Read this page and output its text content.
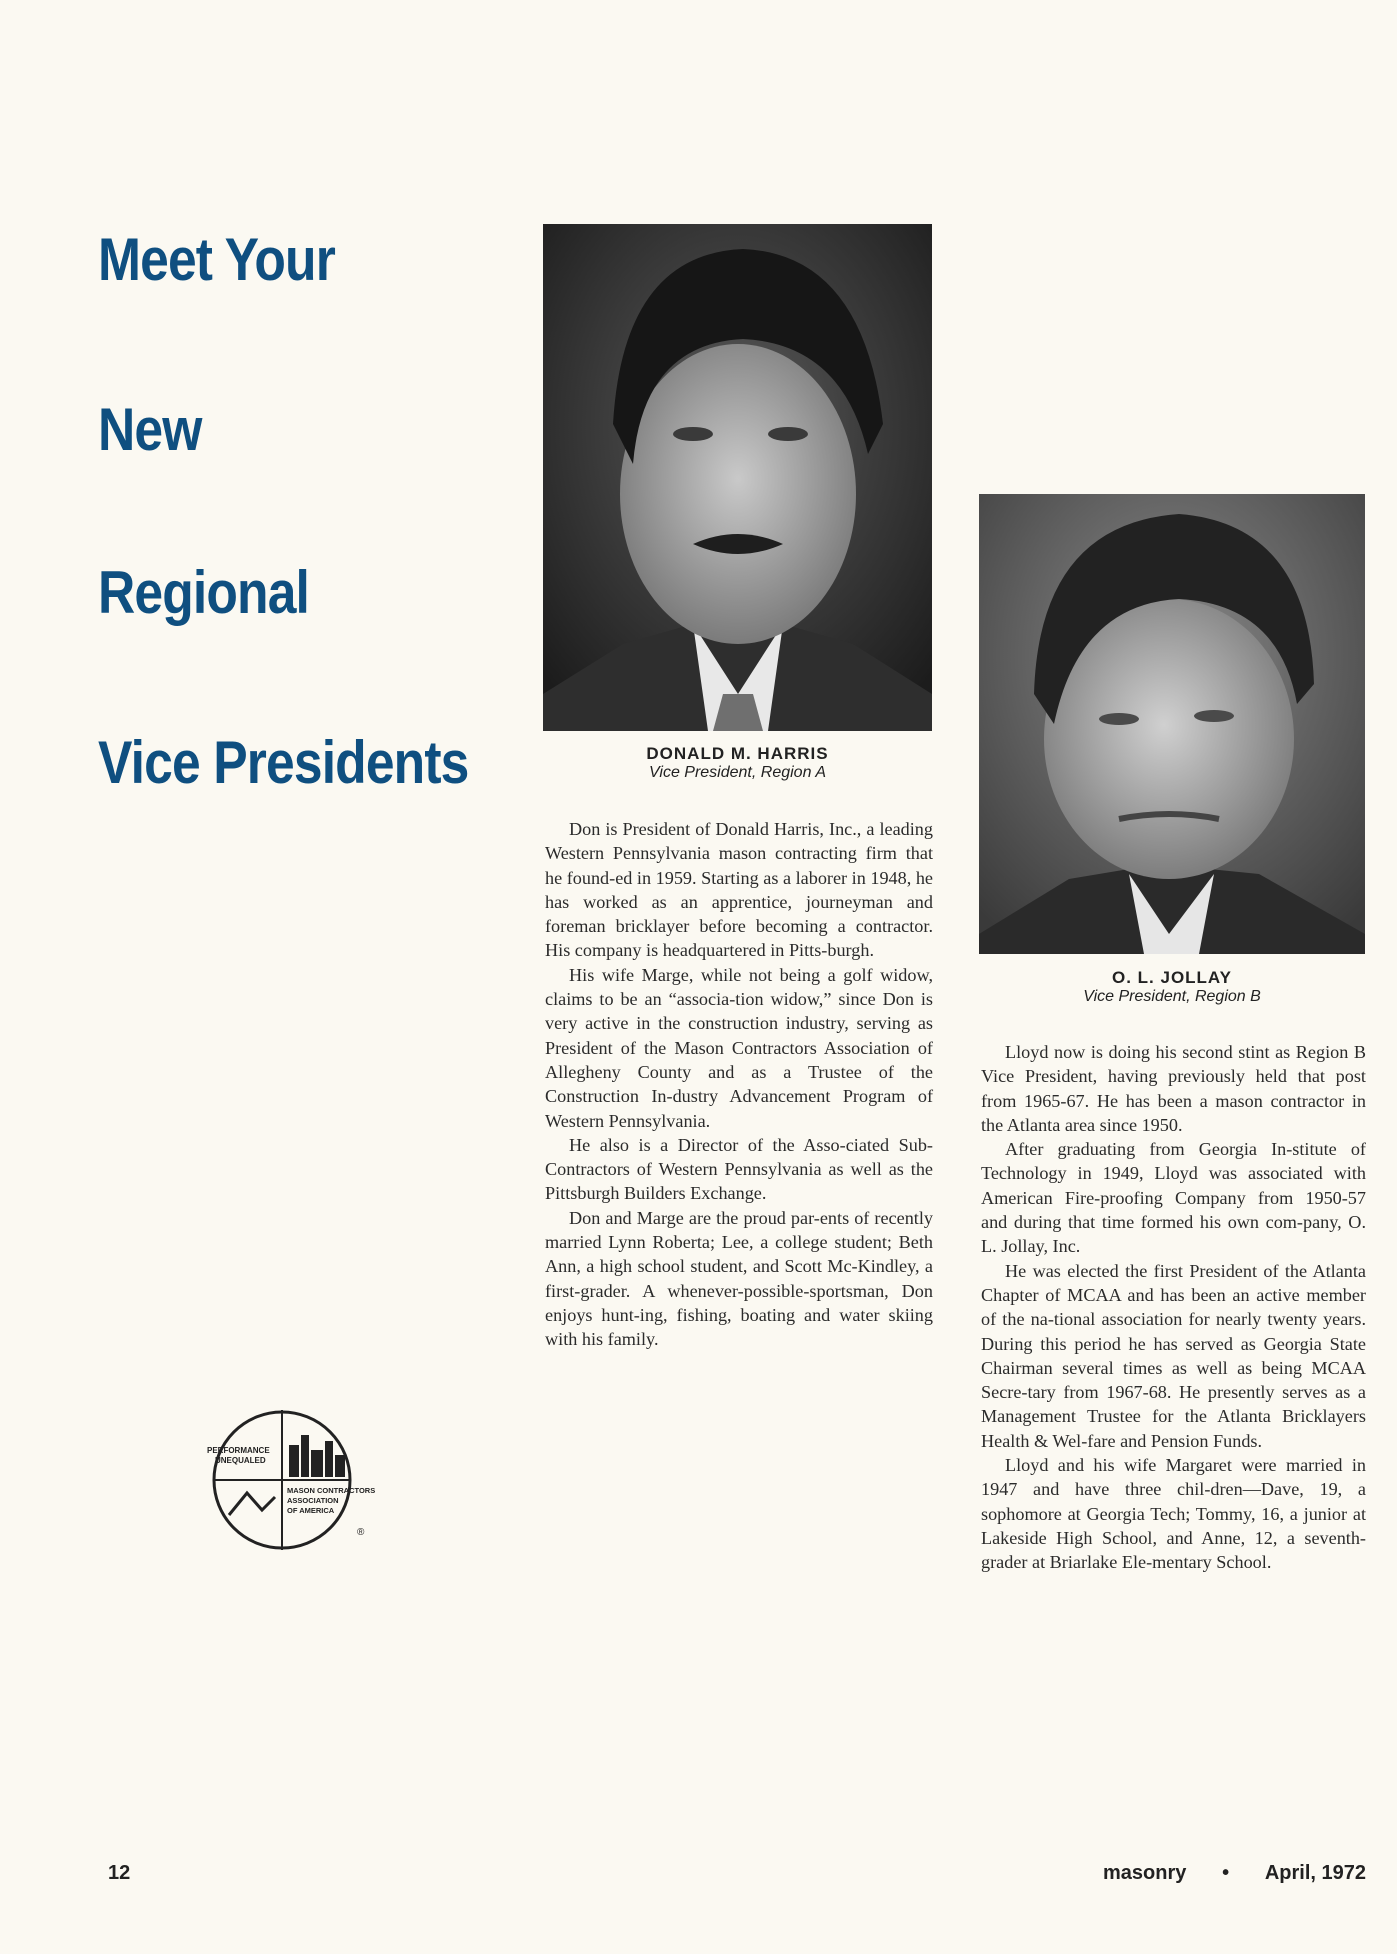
Meet Your
New
Regional
Vice Presidents	DONALD M. HARRIS
Vice President, Region A

Don is President of Donald Harris, Inc., a leading Western Pennsylvania mason contracting firm that he found-ed in 1959. Starting as a laborer in 1948, he has worked as an apprentice, journeyman and foreman bricklayer before becoming a contractor. His company is headquartered in Pitts-burgh.

His wife Marge, while not being a golf widow, claims to be an “associa-tion widow,” since Don is very active in the construction industry, serving as President of the Mason Contractors Association of Allegheny County and as a Trustee of the Construction In-dustry Advancement Program of Western Pennsylvania.

He also is a Director of the Asso-ciated Sub-Contractors of Western Pennsylvania as well as the Pittsburgh Builders Exchange.

Don and Marge are the proud par-ents of recently married Lynn Roberta; Lee, a college student; Beth Ann, a high school student, and Scott Mc-Kindley, a first-grader. A whenever-possible-sportsman, Don enjoys hunt-ing, fishing, boating and water skiing with his family.

O. L. JOLLAY
Vice President, Region B

Lloyd now is doing his second stint as Region B Vice President, having previously held that post from 1965-67. He has been a mason contractor in the Atlanta area since 1950.

After graduating from Georgia In-stitute of Technology in 1949, Lloyd was associated with American Fire-proofing Company from 1950-57 and during that time formed his own com-pany, O. L. Jollay, Inc.

He was elected the first President of the Atlanta Chapter of MCAA and has been an active member of the na-tional association for nearly twenty years. During this period he has served as Georgia State Chairman several times as well as being MCAA Secre-tary from 1967-68. He presently serves as a Management Trustee for the Atlanta Bricklayers Health & Wel-fare and Pension Funds.

Lloyd and his wife Margaret were married in 1947 and have three chil-dren—Dave, 19, a sophomore at Georgia Tech; Tommy, 16, a junior at Lakeside High School, and Anne, 12, a seventh-grader at Briarlake Ele-mentary School.

PERFORMANCE
UNEQUALED
MASON CONTRACTORS
ASSOCIATION
OF AMERICA
®
12	masonry • April, 1972
